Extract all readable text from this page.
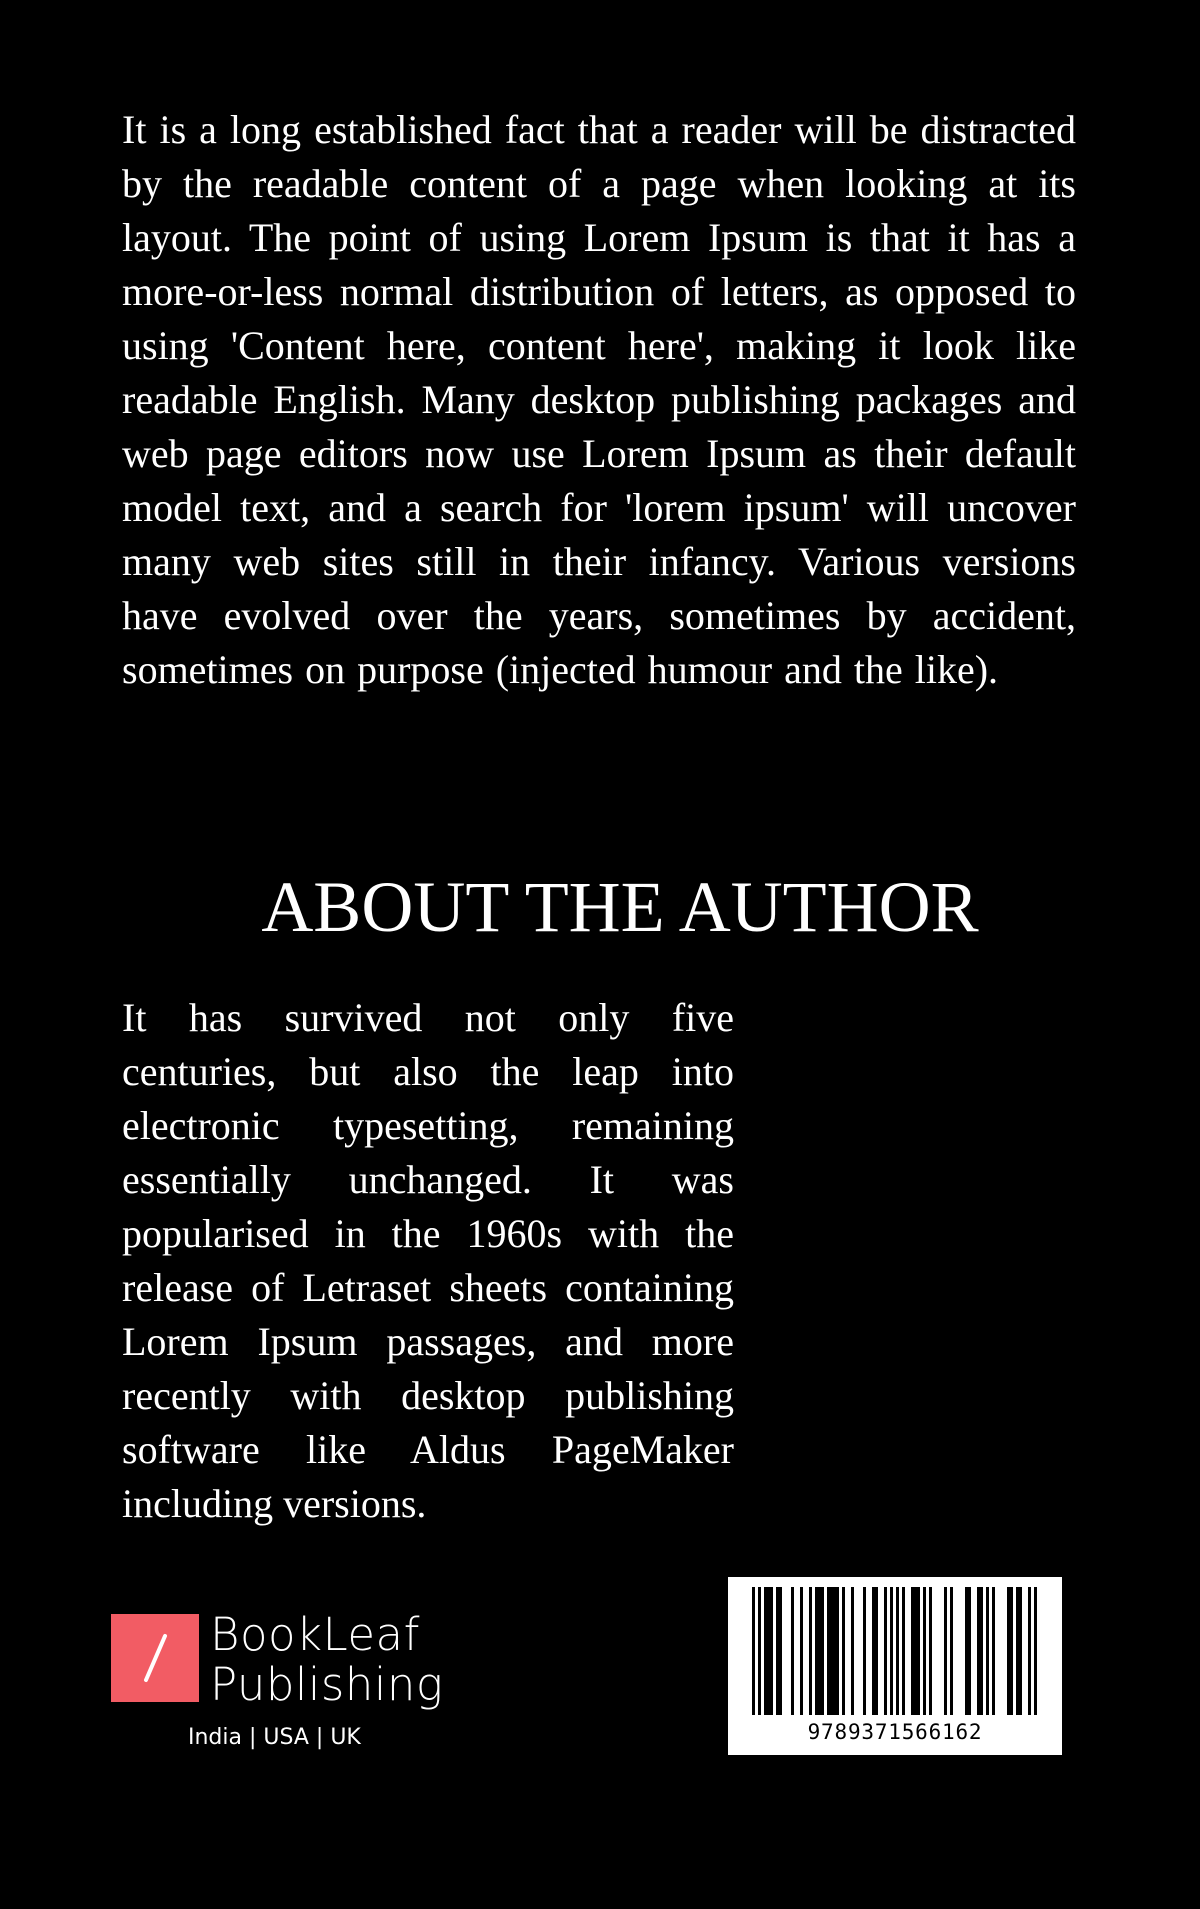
It is a long established fact that a reader will be distracted by the readable content of a page when looking at its layout. The point of using Lorem Ipsum is that it has a more-or-less normal distribution of letters, as opposed to using 'Content here, content here', making it look like readable English. Many desktop publishing packages and web page editors now use Lorem Ipsum as their default model text, and a search for 'lorem ipsum' will uncover many web sites still in their infancy. Various versions have evolved over the years, sometimes by accident, sometimes on purpose (injected humour and the like).

ABOUT THE AUTHOR

It has survived not only five centuries, but also the leap into electronic typesetting, remaining essentially unchanged. It was popularised in the 1960s with the release of Letraset sheets containing Lorem Ipsum passages, and more recently with desktop publishing software like Aldus PageMaker including versions.

BookLeaf
Publishing
India | USA | UK	9789371566162
